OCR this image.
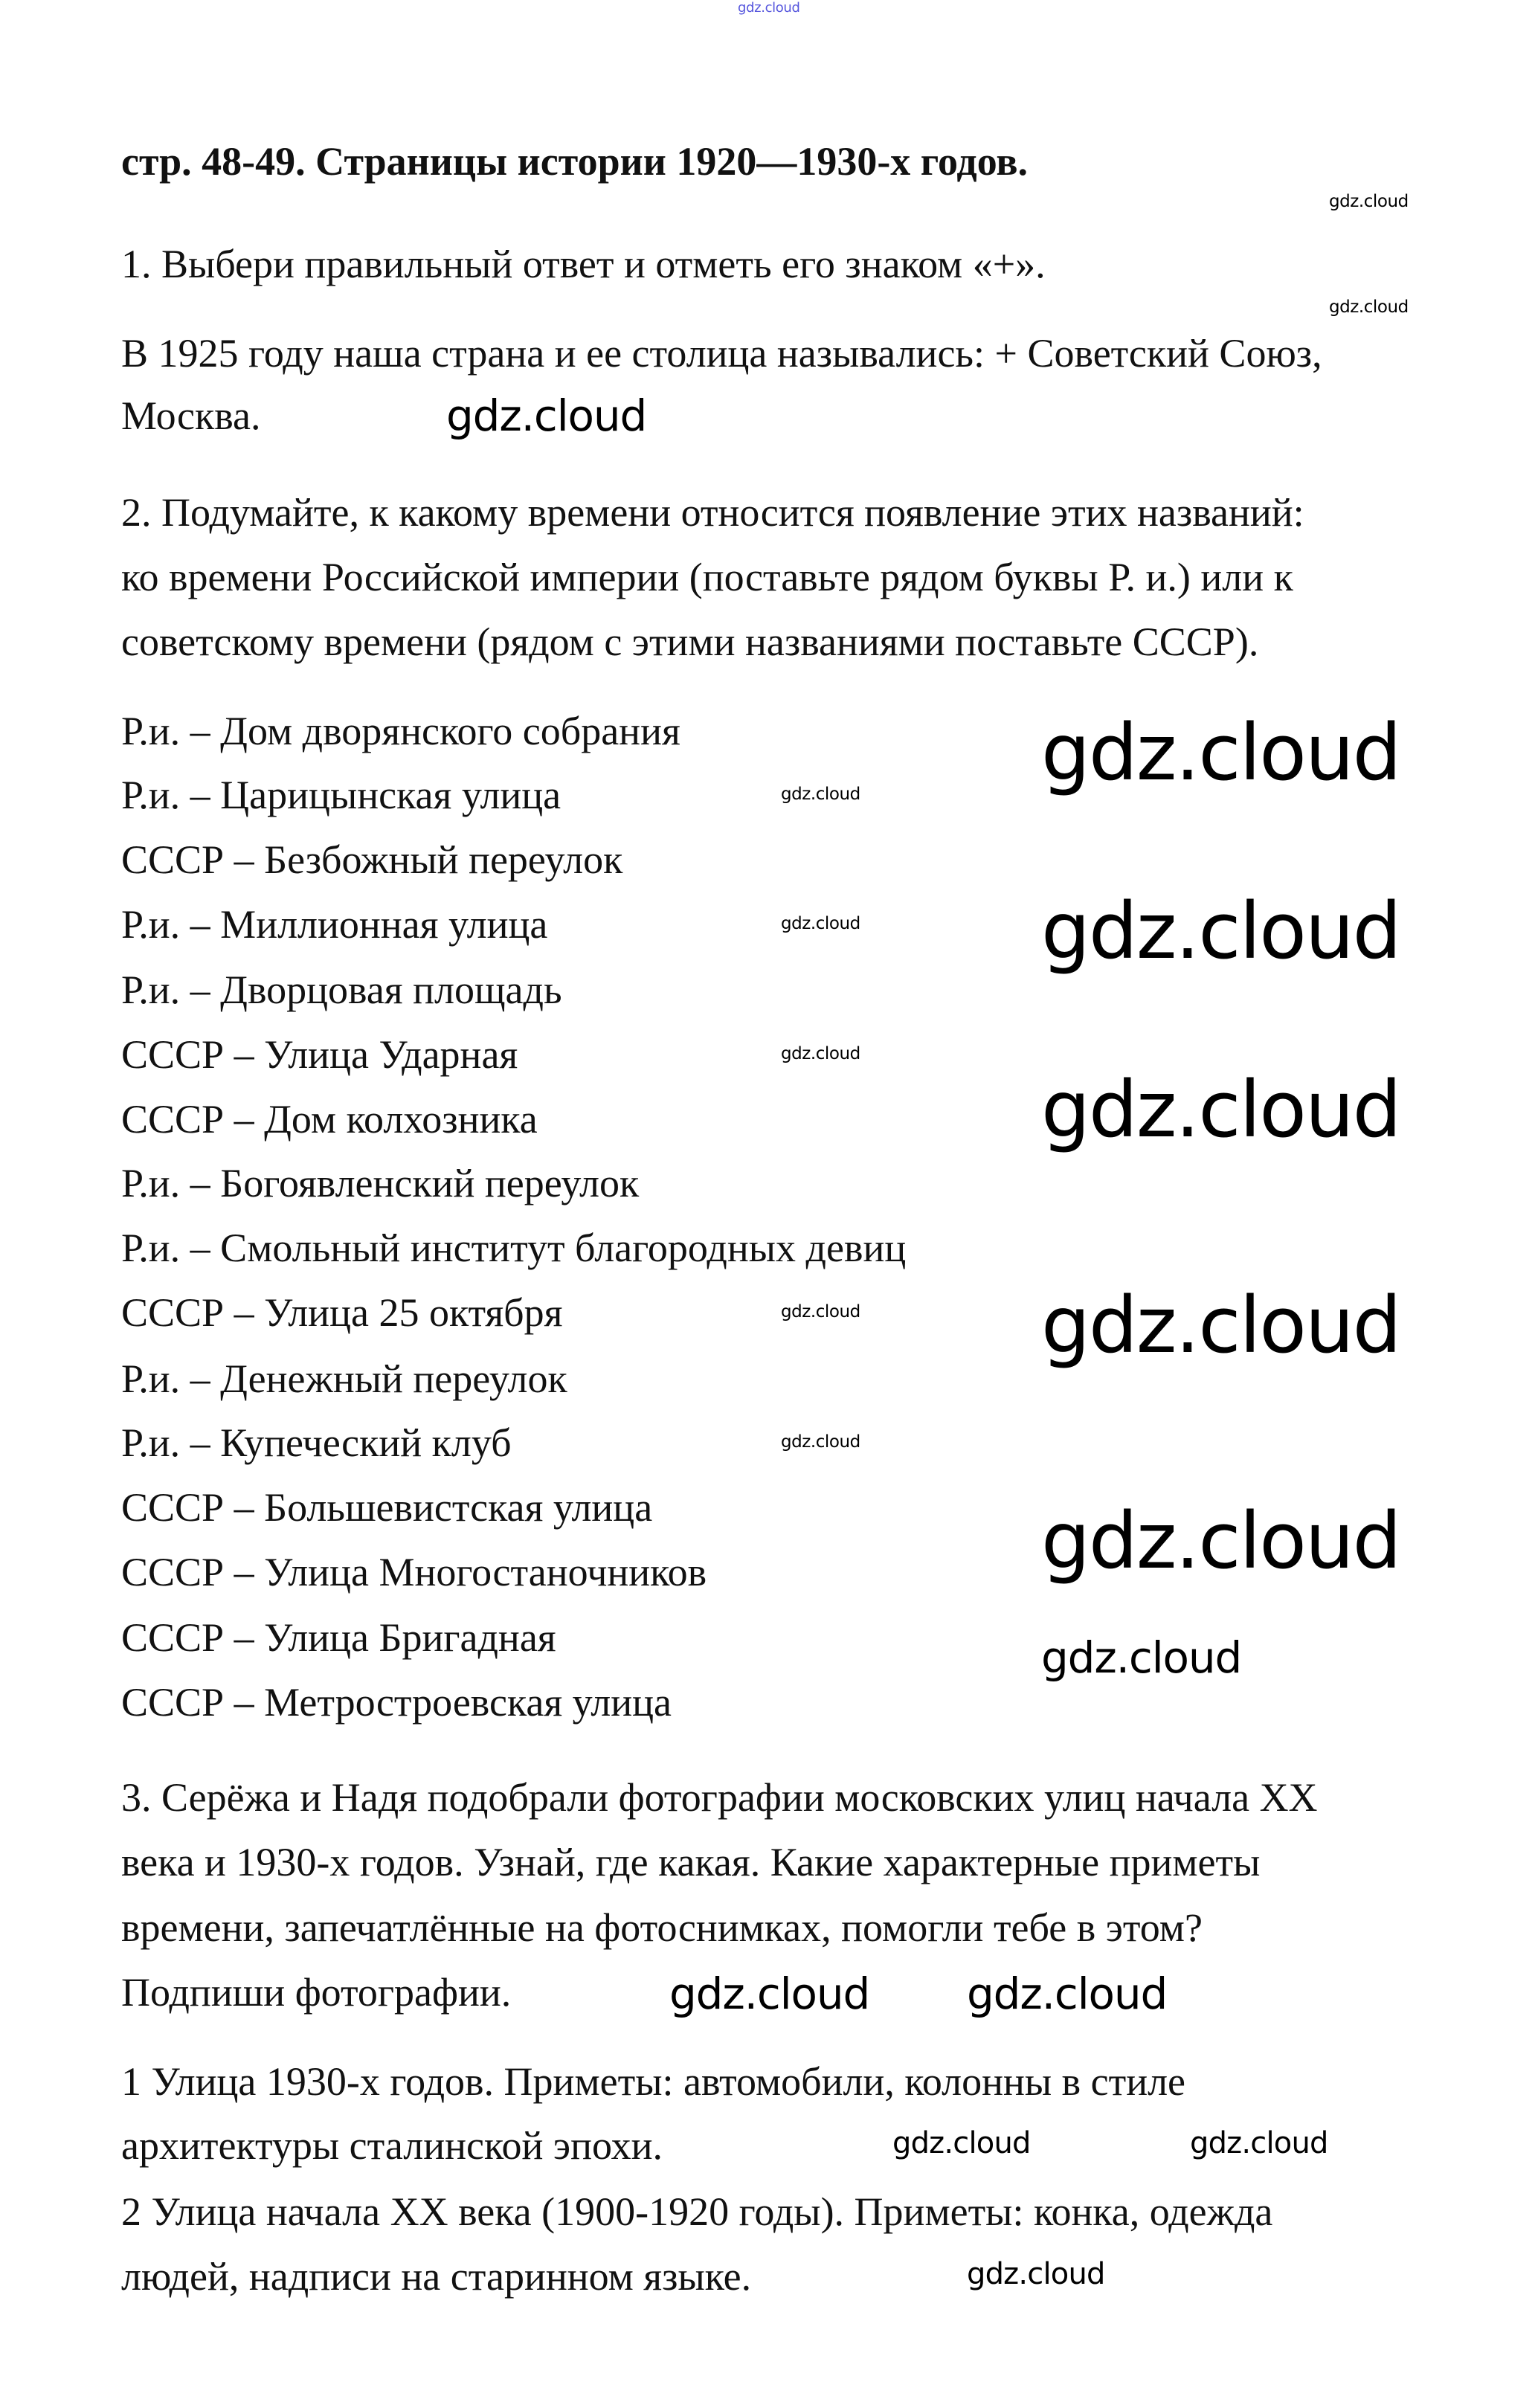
стр. 48-49. Страницы истории 1920—1930-х годов.
1. Выбери правильный ответ и отметь его знаком «+».
В 1925 году наша страна и ее столица назывались: + Советский Союз,
Москва.
2. Подумайте, к какому времени относится появление этих названий:
ко времени Российской империи (поставьте рядом буквы Р. и.) или к
советскому времени (рядом с этими названиями поставьте СССР).
Р.и. – Дом дворянского собрания
Р.и. – Царицынская улица
СССР – Безбожный переулок
Р.и. – Миллионная улица
Р.и. – Дворцовая площадь
СССР – Улица Ударная
СССР – Дом колхозника
Р.и. – Богоявленский переулок
Р.и. – Смольный институт благородных девиц
СССР – Улица 25 октября
Р.и. – Денежный переулок
Р.и. – Купеческий клуб
СССР – Большевистская улица
СССР – Улица Многостаночников
СССР – Улица Бригадная
СССР – Метростроевская улица
3. Серёжа и Надя подобрали фотографии московских улиц начала XX
века и 1930-х годов. Узнай, где какая. Какие характерные приметы
времени, запечатлённые на фотоснимках, помогли тебе в этом?
Подпиши фотографии.
1 Улица 1930-х годов. Приметы: автомобили, колонны в стиле
архитектуры сталинской эпохи.
2 Улица начала XX века (1900-1920 годы). Приметы: конка, одежда
людей, надписи на старинном языке.
gdz.cloud
gdz.cloud
gdz.cloud
gdz.cloud
gdz.cloud
gdz.cloud
gdz.cloud
gdz.cloud
gdz.cloud gdz.cloud
gdz.cloud	gdz.cloud
gdz.cloud
gdz.cloud
gdz.cloud
gdz.cloud
gdz.cloud
gdz.cloud
gdz.cloud
gdz.cloud
